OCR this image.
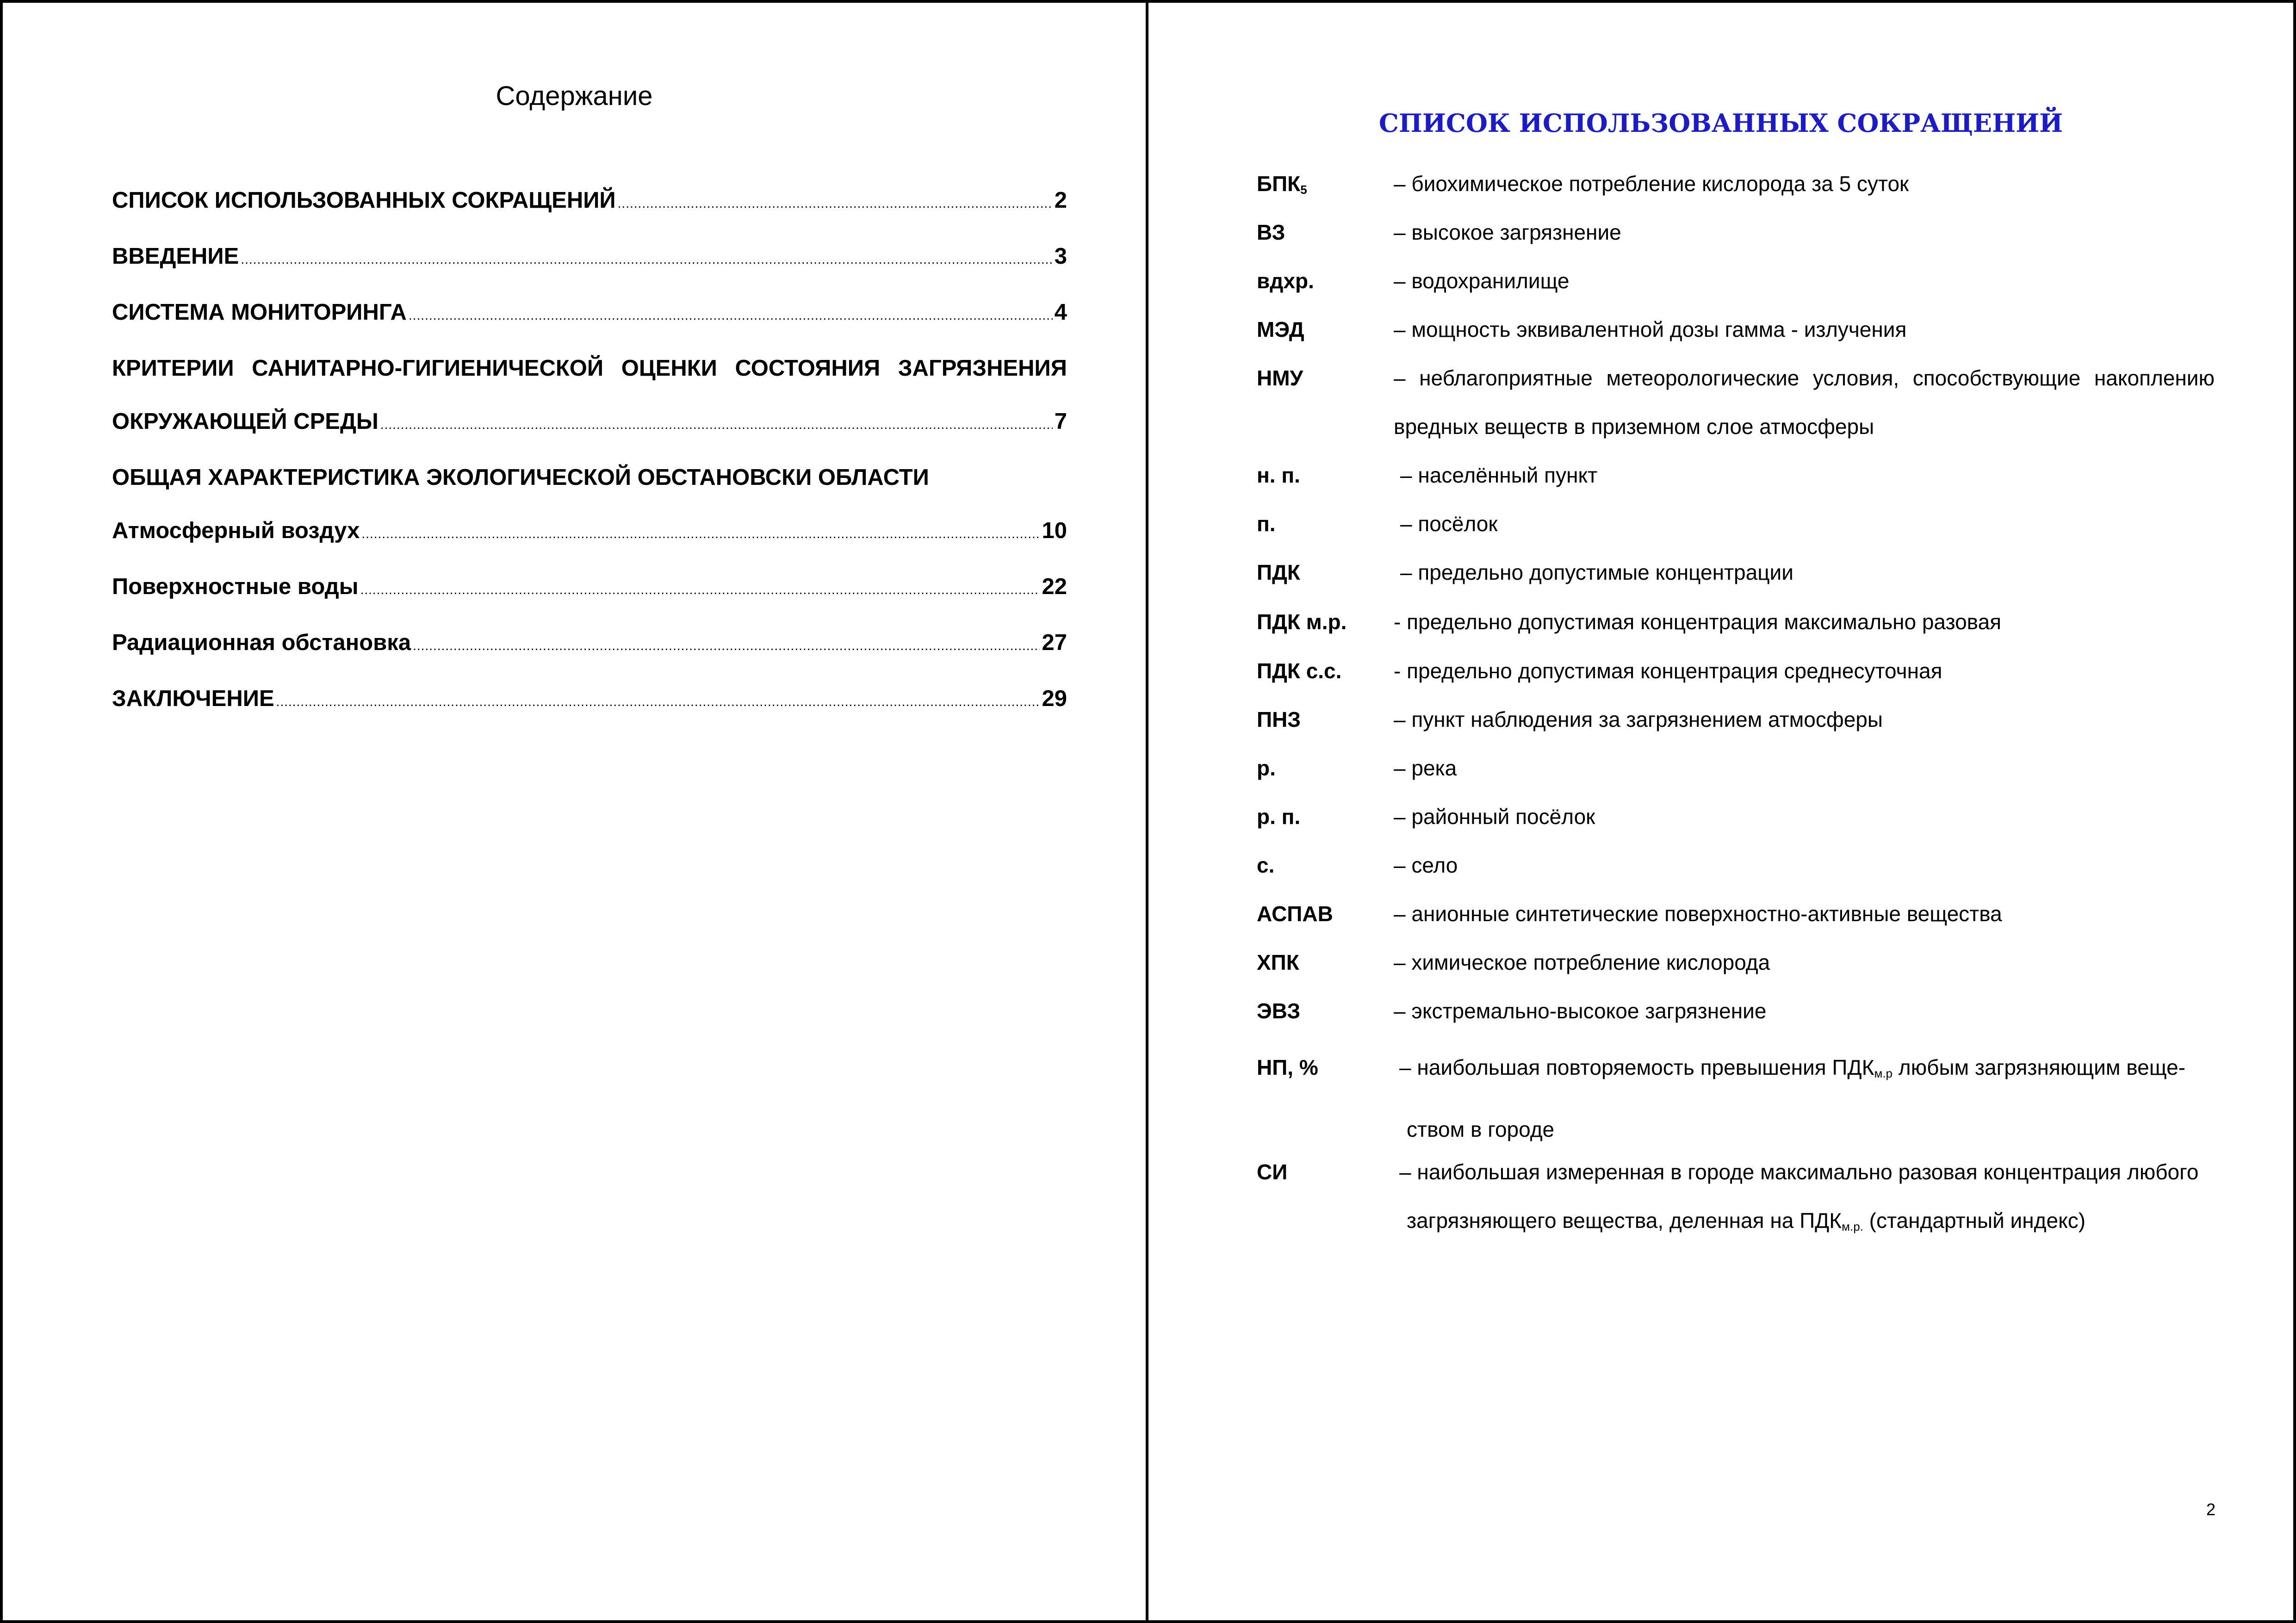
Содержание
СПИСОК ИСПОЛЬЗОВАННЫХ СОКРАЩЕНИЙ .....	2
ВВЕДЕНИЕ .....	3
СИСТЕМА МОНИТОРИНГА .....	4
КРИТЕРИИ САНИТАРНО-ГИГИЕНИЧЕСКОЙ ОЦЕНКИ СОСТОЯНИЯ ЗАГРЯЗНЕНИЯ
ОКРУЖАЮЩЕЙ СРЕДЫ .....	7
ОБЩАЯ ХАРАКТЕРИСТИКА ЭКОЛОГИЧЕСКОЙ ОБСТАНОВСКИ ОБЛАСТИ
Атмосферный воздух .....	10
Поверхностные воды .....	22
Радиационная обстановка .....	27
ЗАКЛЮЧЕНИЕ .....	29
СПИСОК ИСПОЛЬЗОВАННЫХ СОКРАЩЕНИЙ
2
БПК5	– биохимическое потребление кислорода за 5 суток
ВЗ	– высокое загрязнение
вдхр.	– водохранилище
МЭД	– мощность эквивалентной дозы гамма - излучения
НМУ	– неблагоприятные метеорологические условия, способствующие накоплению вредных веществ в приземном слое атмосферы
н. п.	– населённый пункт
п.	– посёлок
ПДК	– предельно допустимые концентрации
ПДК м.р. - предельно допустимая концентрация максимально разовая
ПДК с.с. - предельно допустимая концентрация среднесуточная
ПНЗ	– пункт наблюдения за загрязнением атмосферы
р.	– река
р. п.	– районный посёлок
с.	– село
АСПАВ	– анионные синтетические поверхностно-активные вещества
ХПК	– химическое потребление кислорода
ЭВЗ	– экстремально-высокое загрязнение
НП, %	– наибольшая повторяемость превышения ПДКм.р любым загрязняющим веще-
ством в городе
СИ	– наибольшая измеренная в городе максимально разовая концентрация любого
загрязняющего вещества, деленная на ПДКм.р. (стандартный индекс)
